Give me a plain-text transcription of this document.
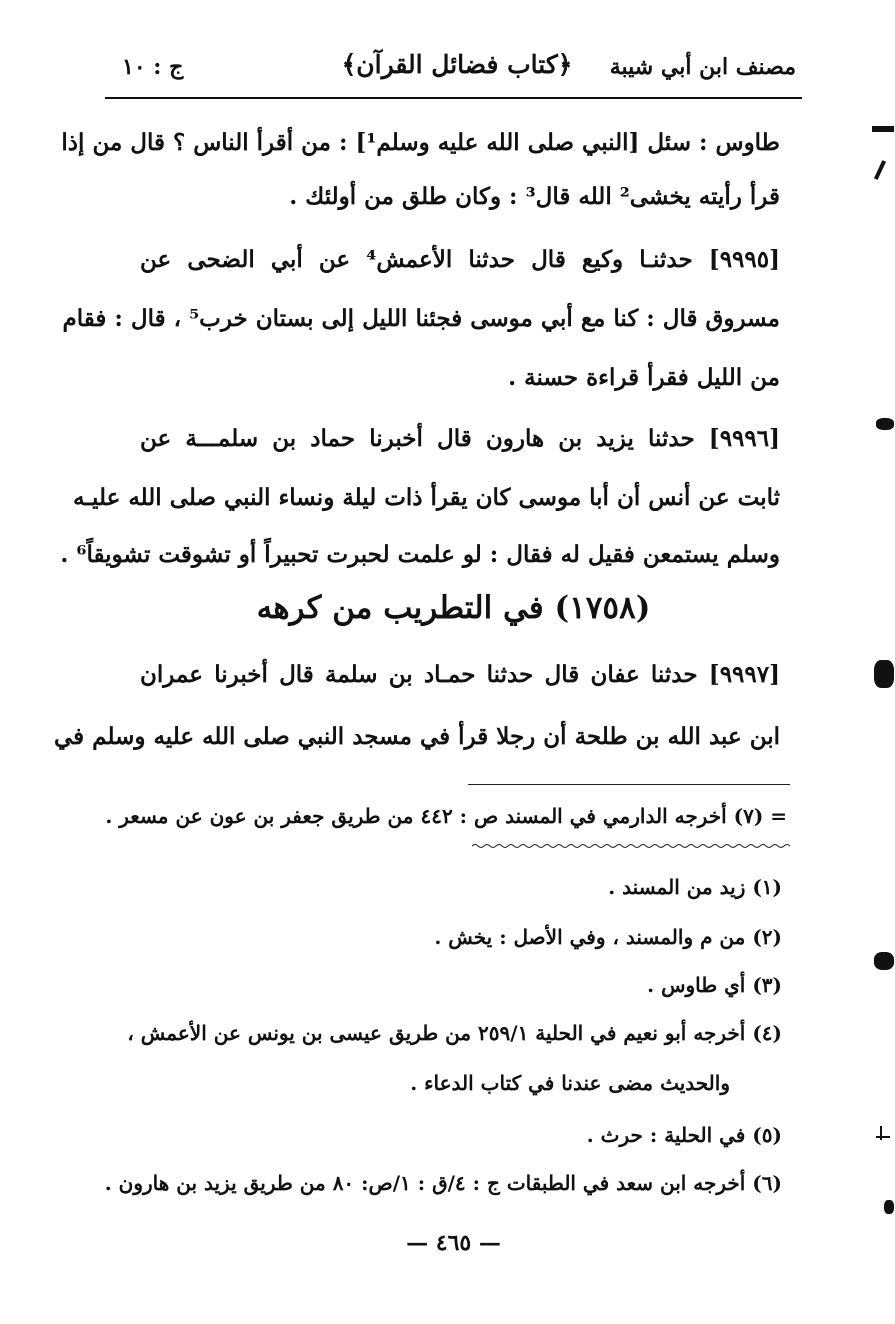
مصنف ابن أبي شيبة
﴿كتاب فضائل القرآن﴾
ج : ١٠
طاوس : سئل [النبي صلى الله عليه وسلم¹] : من أقرأ الناس ؟ قال من إذا
قرأ رأيته يخشى² الله قال³ : وكان طلق من أولئك .
[٩٩٩٥] حدثنـا وكيع قال حدثنا الأعمش⁴ عن أبي الضحى عن
مسروق قال : كنا مع أبي موسى فجئنا الليل إلى بستان خرب⁵ ، قال : فقام
من الليل فقرأ قراءة حسنة .
[٩٩٩٦] حدثنا يزيد بن هارون قال أخبرنا حماد بن سلمـــة عن
ثابت عن أنس أن أبا موسى كان يقرأ ذات ليلة ونساء النبي صلى الله عليـه
وسلم يستمعن فقيل له فقال : لو علمت لحبرت تحبيراً أو تشوقت تشويقاً⁶ .
(١٧٥٨) في التطريب من كرهه
[٩٩٩٧] حدثنا عفان قال حدثنا حمـاد بن سلمة قال أخبرنا عمران
ابن عبد الله بن طلحة أن رجلا قرأ في مسجد النبي صلى الله عليه وسلم في
= (٧) أخرجه الدارمي في المسند ص : ٤٤٢ من طريق جعفر بن عون عن مسعر .
(١) زيد من المسند .
(٢) من م والمسند ، وفي الأصل : يخش .
(٣) أي طاوس .
(٤) أخرجه أبو نعيم في الحلية ٢٥٩/١ من طريق عيسى بن يونس عن الأعمش ،
والحديث مضى عندنا في كتاب الدعاء .
(٥) في الحلية : حرث .
(٦) أخرجه ابن سعد في الطبقات ج : ٤/ق : ١/ص: ٨٠ من طريق يزيد بن هارون .
— ٤٦٥ —
